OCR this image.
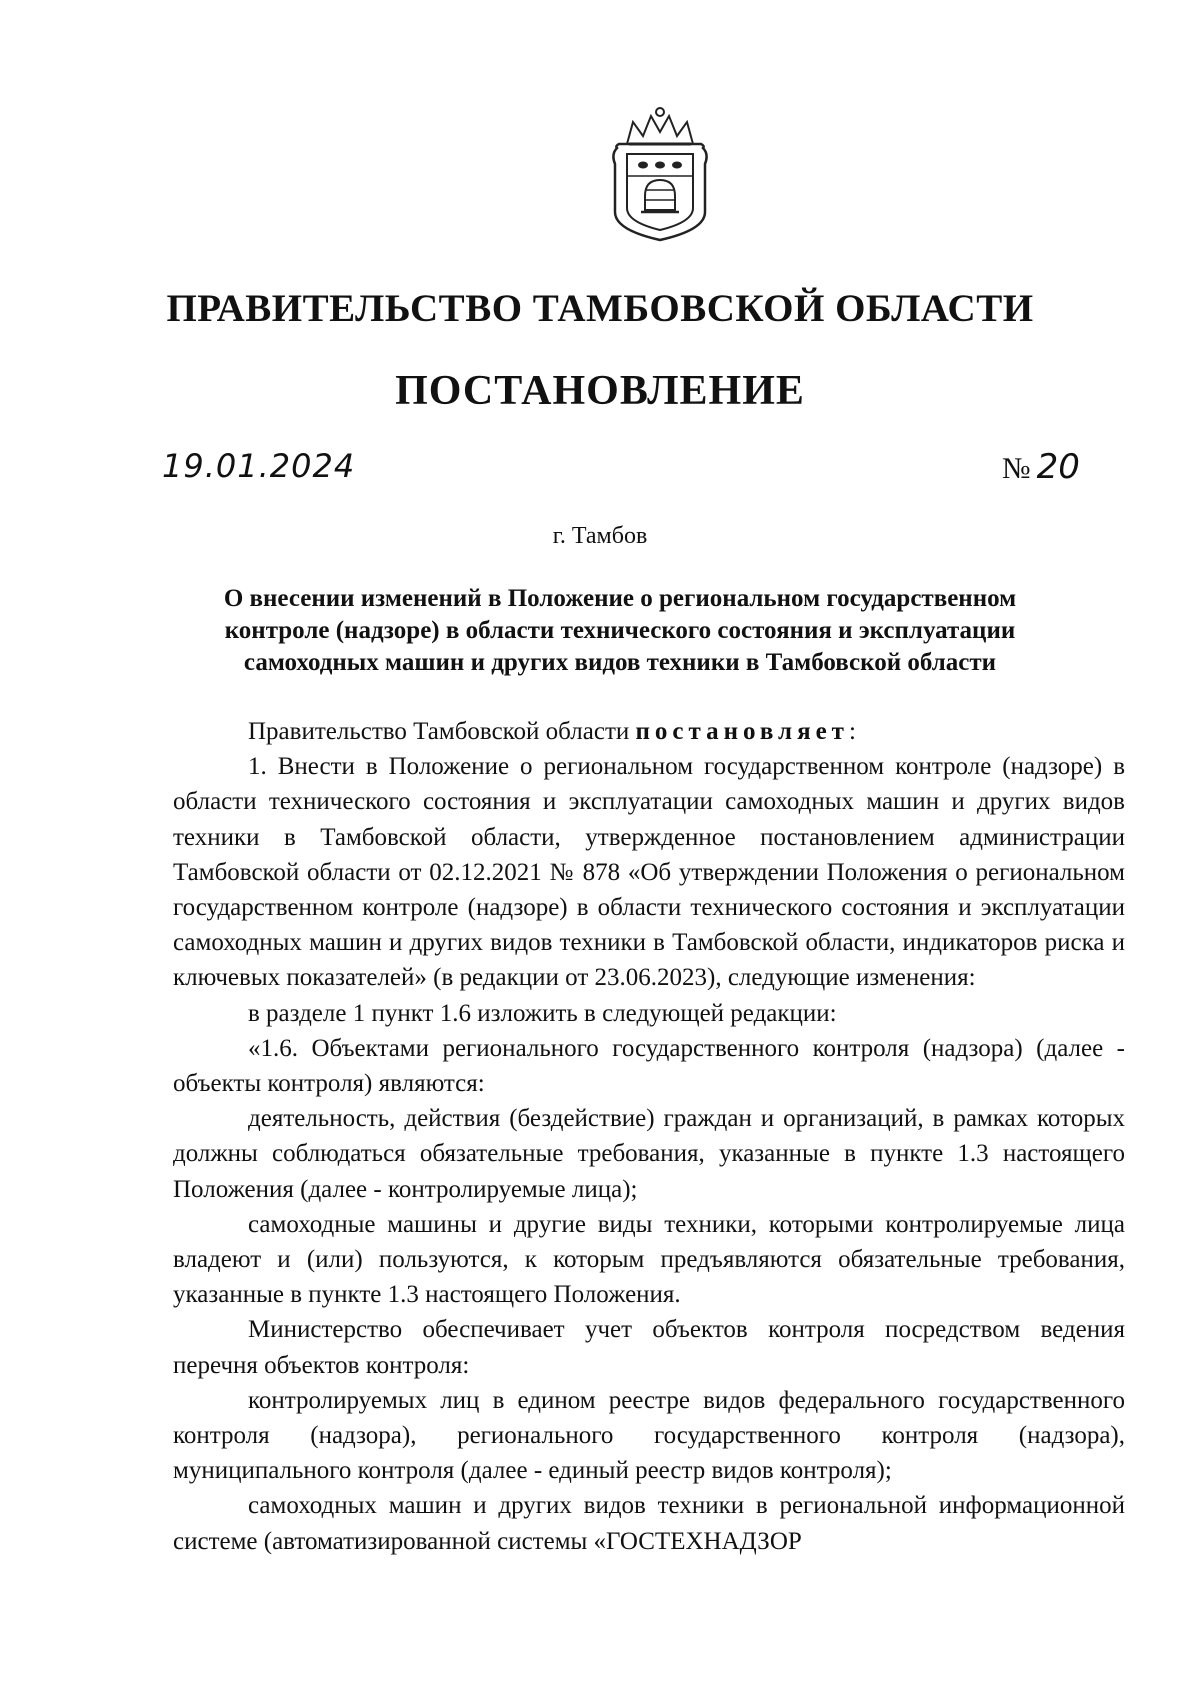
ПРАВИТЕЛЬСТВО ТАМБОВСКОЙ ОБЛАСТИ
ПОСТАНОВЛЕНИЕ
19.01.2024	№ 20
г. Тамбов
О внесении изменений в Положение о региональном государственном контроле (надзоре) в области технического состояния и эксплуатации самоходных машин и других видов техники в Тамбовской области

Правительство Тамбовской области постановляет:

1. Внести в Положение о региональном государственном контроле (надзоре) в области технического состояния и эксплуатации самоходных машин и других видов техники в Тамбовской области, утвержденное постановлением администрации Тамбовской области от 02.12.2021 № 878 «Об утверждении Положения о региональном государственном контроле (надзоре) в области технического состояния и эксплуатации самоходных машин и других видов техники в Тамбовской области, индикаторов риска и ключевых показателей» (в редакции от 23.06.2023), следующие изменения:

в разделе 1 пункт 1.6 изложить в следующей редакции:

«1.6. Объектами регионального государственного контроля (надзора) (далее - объекты контроля) являются:

деятельность, действия (бездействие) граждан и организаций, в рамках которых должны соблюдаться обязательные требования, указанные в пункте 1.3 настоящего Положения (далее - контролируемые лица);

самоходные машины и другие виды техники, которыми контролируемые лица владеют и (или) пользуются, к которым предъявляются обязательные требования, указанные в пункте 1.3 настоящего Положения.

Министерство обеспечивает учет объектов контроля посредством ведения перечня объектов контроля:

контролируемых лиц в едином реестре видов федерального государственного контроля (надзора), регионального государственного контроля (надзора), муниципального контроля (далее - единый реестр видов контроля);

самоходных машин и других видов техники в региональной информационной системе (автоматизированной системы «ГОСТЕХНАДЗОР
